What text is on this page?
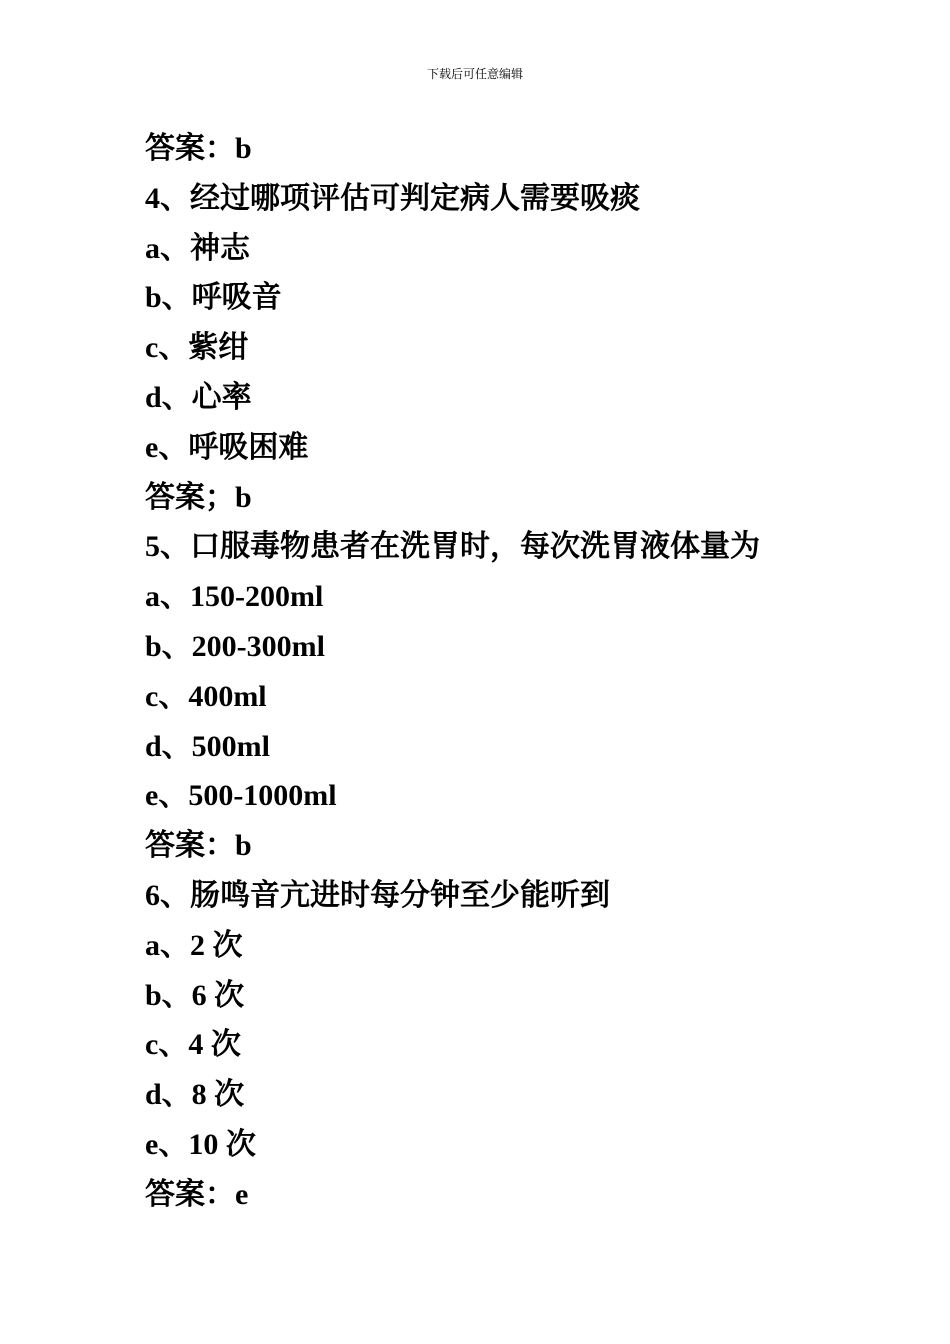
下载后可任意编辑
答案：b
4、经过哪项评估可判定病人需要吸痰
a、神志
b、呼吸音
c、紫绀
d、心率
e、呼吸困难
答案；b
5、口服毒物患者在洗胃时，每次洗胃液体量为
a、150-200ml
b、200-300ml
c、400ml
d、500ml
e、500-1000ml
答案：b
6、肠鸣音亢进时每分钟至少能听到
a、2 次
b、6 次
c、4 次
d、8 次
e、10 次
答案：e
